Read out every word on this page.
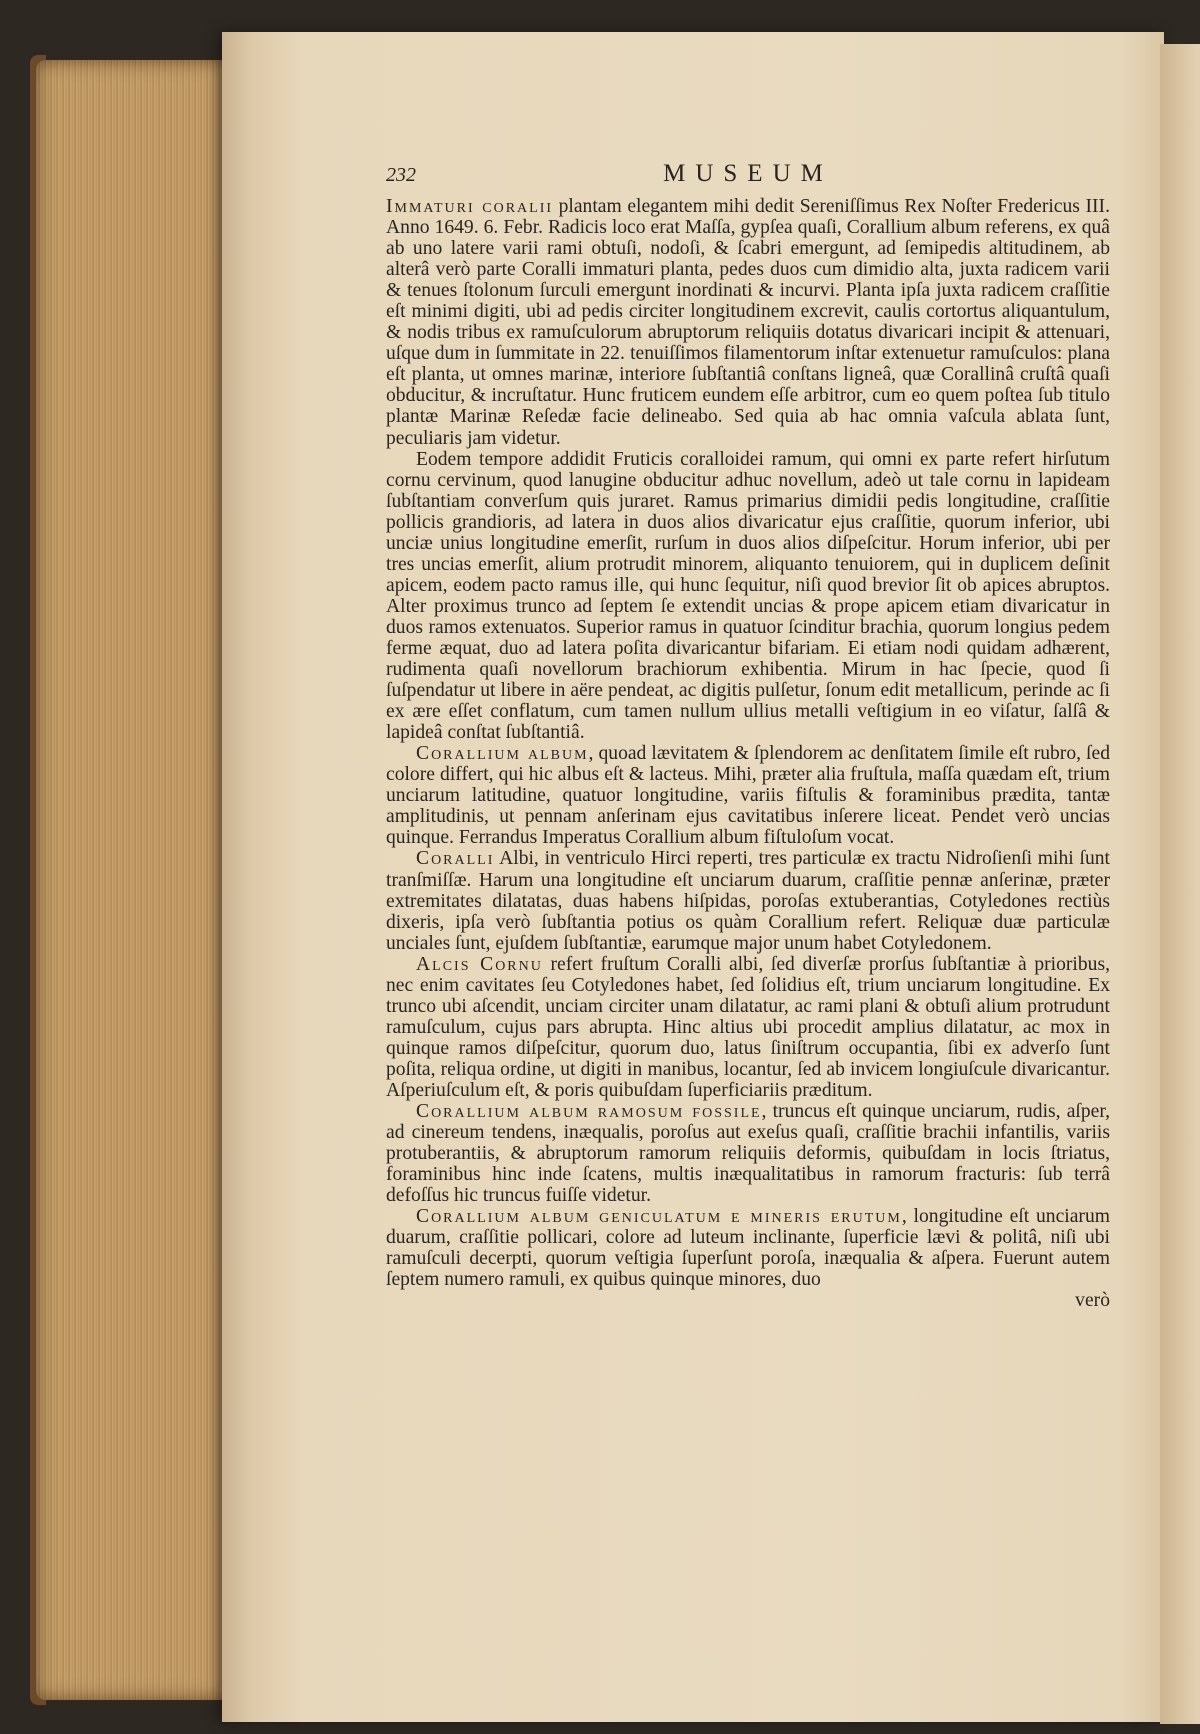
232	MUSEUM

Immaturi coralii plantam elegantem mihi dedit Sereniſſimus Rex Noſter Fredericus III. Anno 1649. 6. Febr. Radicis loco erat Maſſa, gypſea quaſi, Corallium album referens, ex quâ ab uno latere varii rami obtuſi, nodoſi, & ſcabri emergunt, ad ſemipedis altitudinem, ab alterâ verò parte Coralli immaturi planta, pedes duos cum dimidio alta, juxta radicem varii & tenues ſtolonum ſurculi emergunt inordinati & incurvi. Planta ipſa juxta radicem craſſitie eſt minimi digiti, ubi ad pedis circiter longitudinem excrevit, caulis cortortus aliquantulum, & nodis tribus ex ramuſculorum abruptorum reliquiis dotatus divaricari incipit & attenuari, uſque dum in ſummitate in 22. tenuiſſimos filamentorum inſtar extenuetur ramuſculos: plana eſt planta, ut omnes marinæ, interiore ſubſtantiâ conſtans ligneâ, quæ Corallinâ cruſtâ quaſi obducitur, & incruſtatur. Hunc fruticem eundem eſſe arbitror, cum eo quem poſtea ſub titulo plantæ Marinæ Reſedæ facie delineabo. Sed quia ab hac omnia vaſcula ablata ſunt, peculiaris jam videtur.

Eodem tempore addidit Fruticis coralloidei ramum, qui omni ex parte refert hirſutum cornu cervinum, quod lanugine obducitur adhuc novellum, adeò ut tale cornu in lapideam ſubſtantiam converſum quis juraret. Ramus primarius dimidii pedis longitudine, craſſitie pollicis grandioris, ad latera in duos alios divaricatur ejus craſſitie, quorum inferior, ubi unciæ unius longitudine emerſit, rurſum in duos alios diſpeſcitur. Horum inferior, ubi per tres uncias emerſit, alium protrudit minorem, aliquanto tenuiorem, qui in duplicem deſinit apicem, eodem pacto ramus ille, qui hunc ſequitur, niſi quod brevior ſit ob apices abruptos. Alter proximus trunco ad ſeptem ſe extendit uncias & prope apicem etiam divaricatur in duos ramos extenuatos. Superior ramus in quatuor ſcinditur brachia, quorum longius pedem ferme æquat, duo ad latera poſita divaricantur bifariam. Ei etiam nodi quidam adhærent, rudimenta quaſi novellorum brachiorum exhibentia. Mirum in hac ſpecie, quod ſi ſuſpendatur ut libere in aëre pendeat, ac digitis pulſetur, ſonum edit metallicum, perinde ac ſi ex ære eſſet conflatum, cum tamen nullum ullius metalli veſtigium in eo viſatur, ſalſâ & lapideâ conſtat ſubſtantiâ.

Corallium album, quoad lævitatem & ſplendorem ac denſitatem ſimile eſt rubro, ſed colore differt, qui hic albus eſt & lacteus. Mihi, præter alia fruſtula, maſſa quædam eſt, trium unciarum latitudine, quatuor longitudine, variis fiſtulis & foraminibus prædita, tantæ amplitudinis, ut pennam anſerinam ejus cavitatibus inſerere liceat. Pendet verò uncias quinque. Ferrandus Imperatus Corallium album fiſtuloſum vocat.

Coralli Albi, in ventriculo Hirci reperti, tres particulæ ex tractu Nidroſienſi mihi ſunt tranſmiſſæ. Harum una longitudine eſt unciarum duarum, craſſitie pennæ anſerinæ, præter extremitates dilatatas, duas habens hiſpidas, poroſas extuberantias, Cotyledones rectiùs dixeris, ipſa verò ſubſtantia potius os quàm Corallium refert. Reliquæ duæ particulæ unciales ſunt, ejuſdem ſubſtantiæ, earumque major unum habet Cotyledonem.

Alcis Cornu refert fruſtum Coralli albi, ſed diverſæ prorſus ſubſtantiæ à prioribus, nec enim cavitates ſeu Cotyledones habet, ſed ſolidius eſt, trium unciarum longitudine. Ex trunco ubi aſcendit, unciam circiter unam dilatatur, ac rami plani & obtuſi alium protrudunt ramuſculum, cujus pars abrupta. Hinc altius ubi procedit amplius dilatatur, ac mox in quinque ramos diſpeſcitur, quorum duo, latus ſiniſtrum occupantia, ſibi ex adverſo ſunt poſita, reliqua ordine, ut digiti in manibus, locantur, ſed ab invicem longiuſcule divaricantur. Aſperiuſculum eſt, & poris quibuſdam ſuperficiariis præditum.

Corallium album ramosum fossile, truncus eſt quinque unciarum, rudis, aſper, ad cinereum tendens, inæqualis, poroſus aut exeſus quaſi, craſſitie brachii infantilis, variis protuberantiis, & abruptorum ramorum reliquiis deformis, quibuſdam in locis ſtriatus, foraminibus hinc inde ſcatens, multis inæqualitatibus in ramorum fracturis: ſub terrâ defoſſus hic truncus fuiſſe videtur.

Corallium album geniculatum e mineris erutum, longitudine eſt unciarum duarum, craſſitie pollicari, colore ad luteum inclinante, ſuperficie lævi & politâ, niſi ubi ramuſculi decerpti, quorum veſtigia ſuperſunt poroſa, inæqualia & aſpera. Fuerunt autem ſeptem numero ramuli, ex quibus quinque minores, duo

verò
